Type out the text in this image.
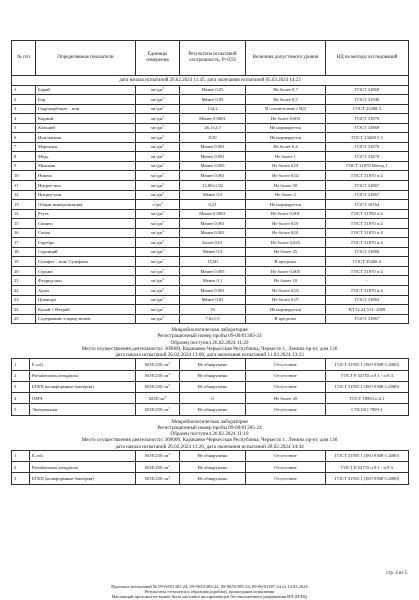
№ п/п	Определяемые показатели	Единицы измерения	Результаты испытаний ±погрешность, P=0,95	Величина допустимого уровня	НД на методы исследований
дата начала испытаний 26.02.2024 11:45, дата окончания испытаний 05.03.2024 14:23					
1	Барий	$мг/дм^3$	Менее 0,05	Не более 0,7	ГОСТ 31869
2	Бор	$мг/дм^3$	Менее 0,05	Не более 0,5	ГОСТ 31949
3	Гидрокарбонат – ион	$мг/дм^3$	134,2	В соответствие с НД	ГОСТ 23268.3
4	Кадмий	$мг/дм^3$	Менее 0,0001	Не более 0,003	ГОСТ 31870
5	Кальций	$мг/дм^3$	26,1±2,3	Не нормируется	ГОСТ 31869
6	Ион магния	$мг/дм^3$	8,50	Не нормируется	ГОСТ 23268.5 3
7	Марганец	$мг/дм^3$	Менее 0,001	Не более 0,4	ГОСТ 31870
8	Медь	$мг/дм^3$	Менее 0,001	Не более 1	ГОСТ 31870
9	Мышьяк	$мг/дм^3$	Менее 0,005	Не более 0,01	ГОСТ 31870 Метод 1
10	Никель	$мг/дм^3$	Менее 0,001	Не более 0,02	ГОСТ 31870 п.4
11	Нитрат-ион	$мг/дм^3$	12,80±1,92	Не более 50	ГОСТ 31867
12	Нитрит-ион	$мг/дм^3$	Менее 0,5	Не более 2	ГОСТ 31867
13	Общая минерализация	$г/дм^3$	0,21	Не нормируется	ГОСТ 18164
14	Ртуть	$мг/дм^3$	Менее 0,0001	Не более 0,001	ГОСТ 31950 п.4
15	Свинец	$мг/дм^3$	Менее 0,001	Не более 0,01	ГОСТ 31870 п.4
16	Селен	$мг/дм^3$	Менее 0,002	Не более 0,01	ГОСТ 31870 п.4
17	Серебро	$мг/дм^3$	Более 0,01	Не более 0,025	ГОСТ 31870 п.4
18	Стронций	$мг/дм^3$	Менее 0,5	Не более 25	ГОСТ 31869
19	Сульфат – ион/ Сульфаты	$мг/дм^3$	15,00	В пределах	ГОСТ 23268.4
20	Сурьма	$мг/дм^3$	Менее 0,005	Не более 0,005	ГОСТ 31870 п.4
21	Фторид-ион	$мг/дм^3$	Менее 0,1	Не более 10	-
22	Хром	$мг/дм^3$	Менее 0,001	Не более 0,03	ГОСТ 31870 п.4
23	Цианиды	$мг/дм^3$	Менее 0,01	Не более 0,07	ГОСТ 31863
24	Калий + Натрий	$мг/дм^3$	18	Не нормируется	РД 52.24.514 -2009
25	Содержание хлорид-ионов	$мг/дм^3$	7,6±1,9	В пределах	ГОСТ 31867

Микробиологическая лаборатория

Регистрационный номер пробы 09-00/01383-24

Образец поступил 26.02.2024 11:20

Место осуществления деятельности: 369000, Карачаево-Черкесская Республика, Черкесск г., Ленина пр-кт, дом 136

дата начала испытаний 26.02.2024 13:00, дата окончания испытаний 11.03.2024 13:33

1	E.coli	КОЕ/250 $см^3$	Не обнаружено	Отсутствие	ГОСТ 31955.1 (ISO 9308-1:2000)
2	Pseudomonas aeruginosa	КОЕ/250 $см^3$	Не обнаружено	Отсутствие	ГОСТ Р 54755 п.9.1 - п.9.3
3	БГКП (колиформные бактерии)	КОЕ/250 $см^3$	Не обнаружено	Отсутствие	ГОСТ 31955.1 (ISO 9308-1:2000)
4	ОМЧ	КОЕ/$см^3$	0	Не более 20	ГОСТ 18963 п.4.1
5	Энтерококки	КОЕ/250 $см^3$	Не обнаружено	Отсутствие	СТБ ISO 7899-2

Микробиологическая лаборатория

Регистрационный номер пробы 09-00/01385-24

Образец поступил 26.02.2024 11:10

Место осуществления деятельности: 369000, Карачаево-Черкесская Республика, Черкесск г., Ленина пр-кт, дом 136

дата начала испытаний 26.02.2024 11:20, дата окончания испытаний 28.02.2024 14:44

1	E.coli	КОЕ/250 $см^3$	Не обнаружено	Отсутствие	ГОСТ 31955.1 (ISO 9308-1:2000)
2	Pseudomonas aeruginosa	КОЕ/250 $см^3$	Не обнаружено	Отсутствие	ГОСТ Р 54755 п.9.1 - п.9.3
3	БГКП (колиформные бактерии)	КОЕ/250 $см^3$	Не обнаружено	Отсутствие	ГОСТ 31955.1 (ISO 9308-1:2000)
стр. 4 из 5
Протокол испытаний № 09-00/01381-24, 09-00/01383-24, 09-00/01385-24, 09-00/01387-24 от 14.03.2024
Результаты относятся к образцам (пробам), прошедшим испытания
Настоящий протокол не может быть частично воспроизведен без письменного разрешения ИЛ (ИЛЦ)
